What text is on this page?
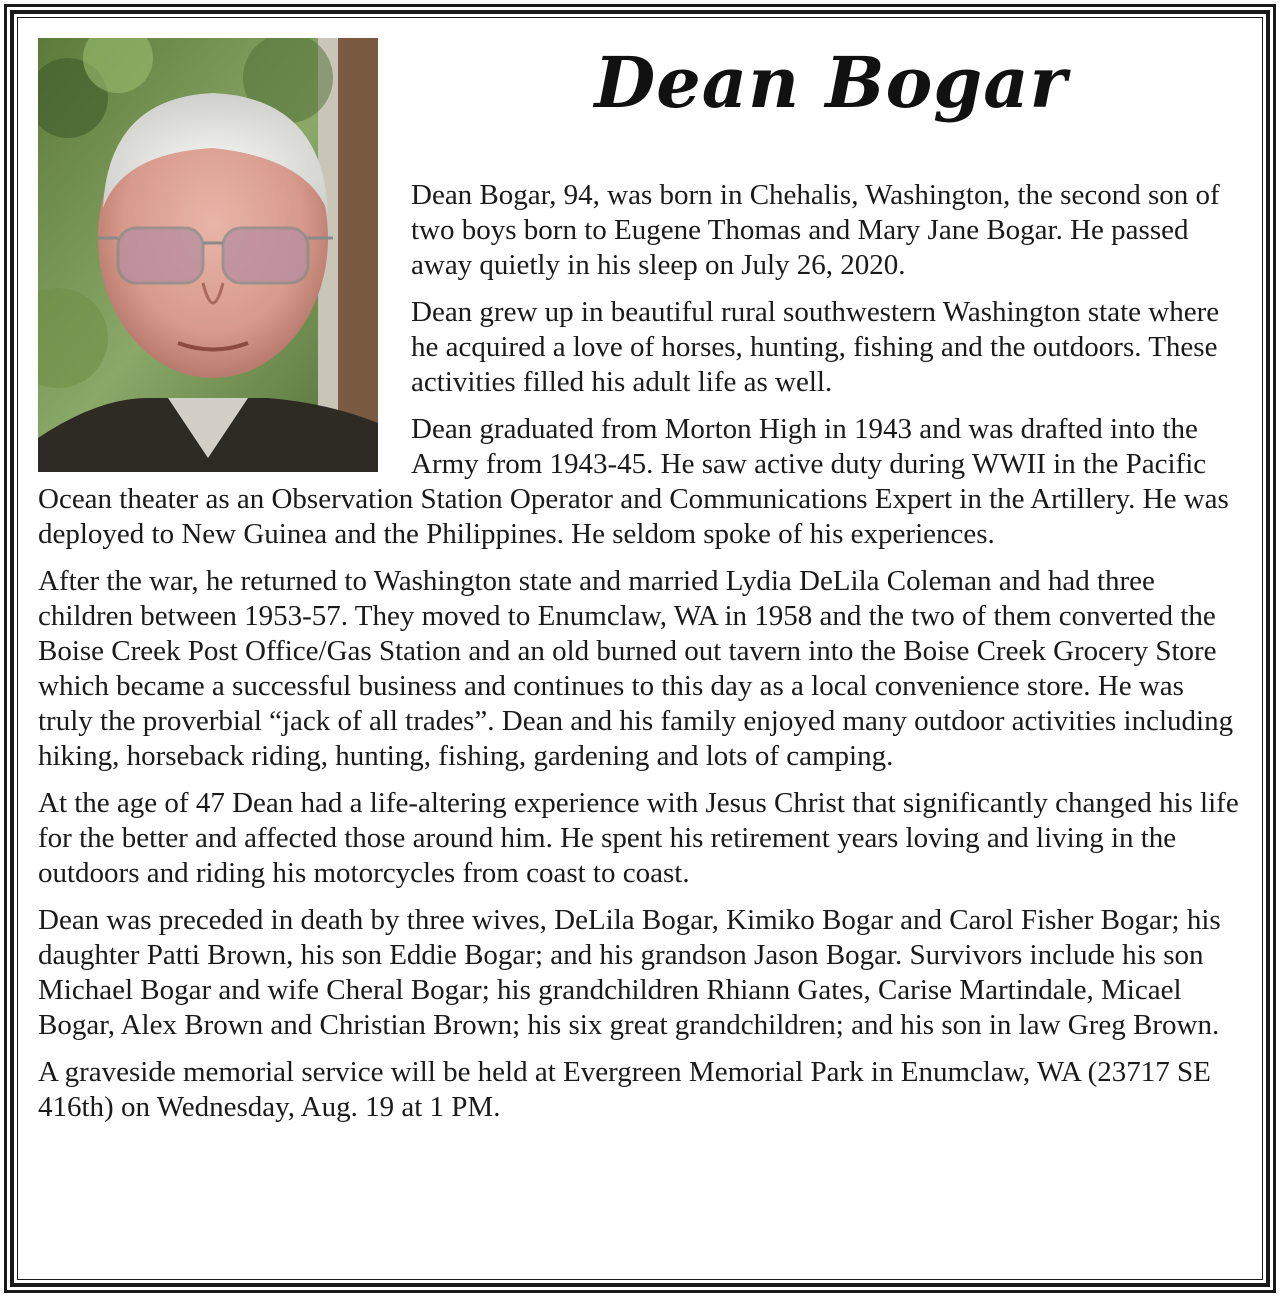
Dean Bogar

Dean Bogar, 94, was born in Chehalis, Washington, the second son of two boys born to Eugene Thomas and Mary Jane Bogar. He passed away quietly in his sleep on July 26, 2020.

Dean grew up in beautiful rural southwestern Washington state where he acquired a love of horses, hunting, fishing and the outdoors. These activities filled his adult life as well.

Dean graduated from Morton High in 1943 and was drafted into the Army from 1943-45. He saw active duty during WWII in the Pacific Ocean theater as an Observation Station Operator and Communications Expert in the Artillery. He was deployed to New Guinea and the Philippines. He seldom spoke of his experiences.

After the war, he returned to Washington state and married Lydia DeLila Coleman and had three children between 1953-57. They moved to Enumclaw, WA in 1958 and the two of them converted the Boise Creek Post Office/Gas Station and an old burned out tavern into the Boise Creek Grocery Store which became a successful business and continues to this day as a local convenience store. He was truly the proverbial “jack of all trades”. Dean and his family enjoyed many outdoor activities including hiking, horseback riding, hunting, fishing, gardening and lots of camping.

At the age of 47 Dean had a life-altering experience with Jesus Christ that significantly changed his life for the better and affected those around him. He spent his retirement years loving and living in the outdoors and riding his motorcycles from coast to coast.

Dean was preceded in death by three wives, DeLila Bogar, Kimiko Bogar and Carol Fisher Bogar; his daughter Patti Brown, his son Eddie Bogar; and his grandson Jason Bogar. Survivors include his son Michael Bogar and wife Cheral Bogar; his grandchildren Rhiann Gates, Carise Martindale, Micael Bogar, Alex Brown and Christian Brown; his six great grandchildren; and his son in law Greg Brown.

A graveside memorial service will be held at Evergreen Memorial Park in Enumclaw, WA (23717 SE 416th) on Wednesday, Aug. 19 at 1 PM.
